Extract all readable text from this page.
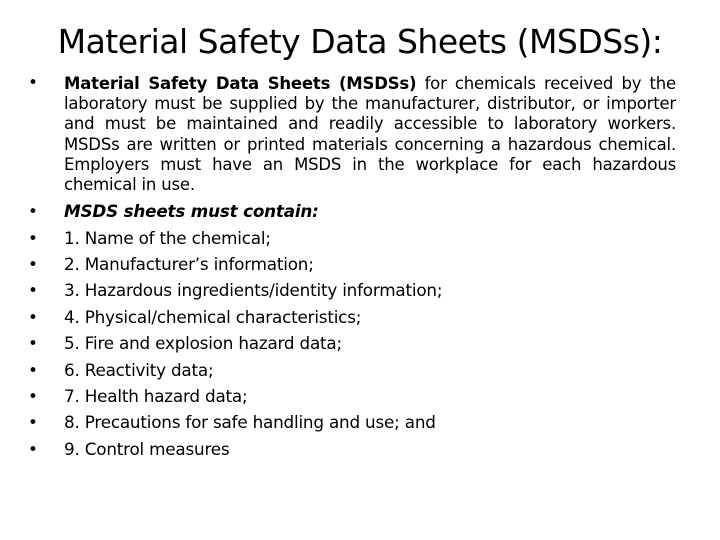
Material Safety Data Sheets (MSDSs):
• Material Safety Data Sheets (MSDSs) for chemicals received by the laboratory must be supplied by the manufacturer, distributor, or importer and must be maintained and readily accessible to laboratory workers. MSDSs are written or printed materials concerning a hazardous chemical. Employers must have an MSDS in the workplace for each hazardous chemical in use.
• MSDS sheets must contain:
• 1. Name of the chemical;
• 2. Manufacturer’s information;
• 3. Hazardous ingredients/identity information;
• 4. Physical/chemical characteristics;
• 5. Fire and explosion hazard data;
• 6. Reactivity data;
• 7. Health hazard data;
• 8. Precautions for safe handling and use; and
• 9. Control measures
